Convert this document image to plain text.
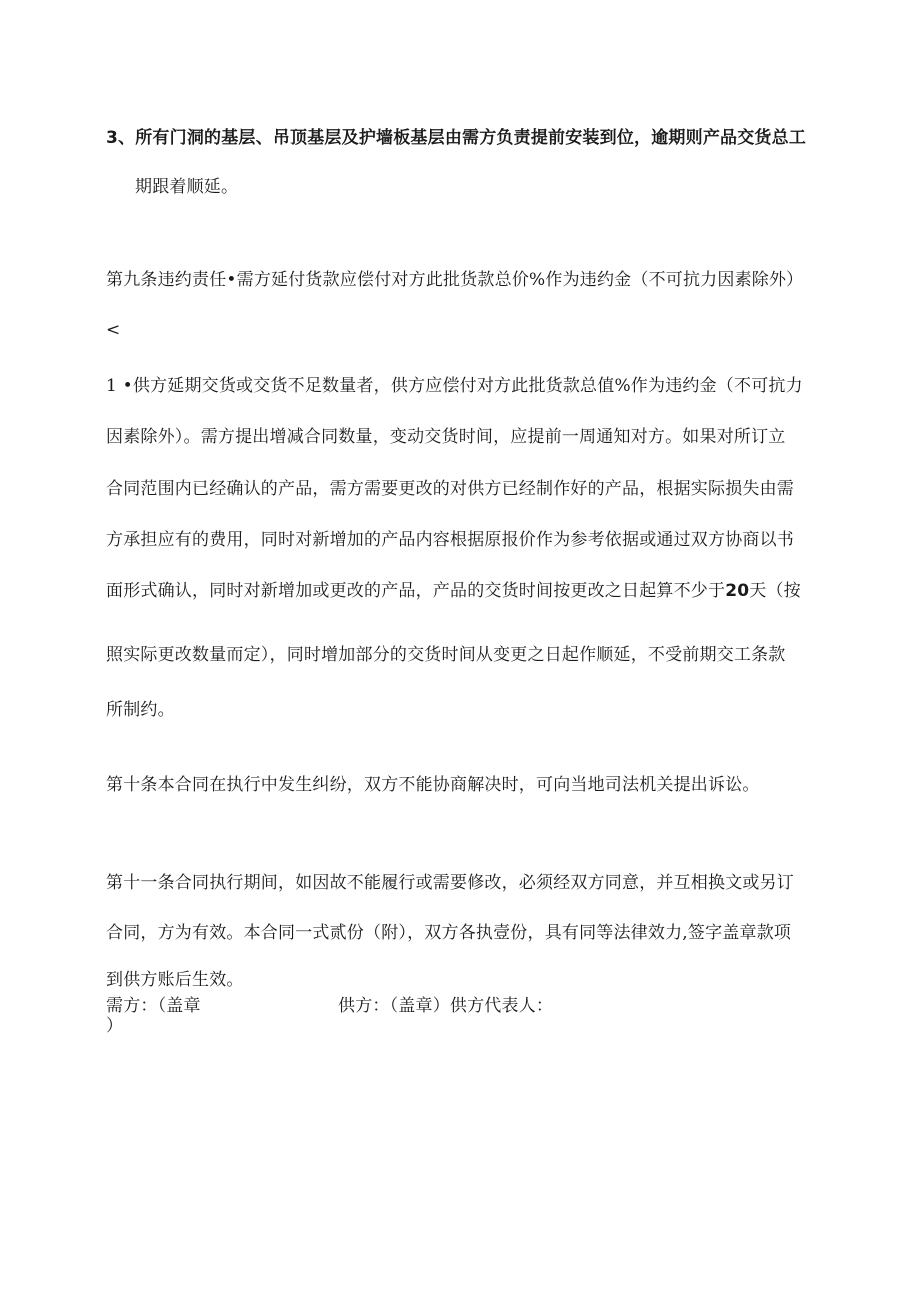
3、所有门洞的基层、吊顶基层及护墙板基层由需方负责提前安装到位，逾期则产品交货总工
期跟着顺延。
第九条违约责任•需方延付货款应偿付对方此批货款总价%作为违约金（不可抗力因素除外）
<
1 •供方延期交货或交货不足数量者，供方应偿付对方此批货款总值%作为违约金（不可抗力
因素除外）。需方提出增减合同数量，变动交货时间，应提前一周通知对方。如果对所订立
合同范围内已经确认的产品，需方需要更改的对供方已经制作好的产品，根据实际损失由需
方承担应有的费用，同时对新增加的产品内容根据原报价作为参考依据或通过双方协商以书
面形式确认，同时对新增加或更改的产品，产品的交货时间按更改之日起算不少于20天（按
照实际更改数量而定），同时增加部分的交货时间从变更之日起作顺延，不受前期交工条款
所制约。
第十条本合同在执行中发生纠纷，双方不能协商解决时，可向当地司法机关提出诉讼。
第十一条合同执行期间，如因故不能履行或需要修改，必须经双方同意，并互相换文或另订
合同，方为有效。本合同一式贰份（附），双方各执壹份，具有同等法律效力,签字盖章款项
到供方账后生效。
需方：（盖章	供方：（盖章）供方代表人：
）
